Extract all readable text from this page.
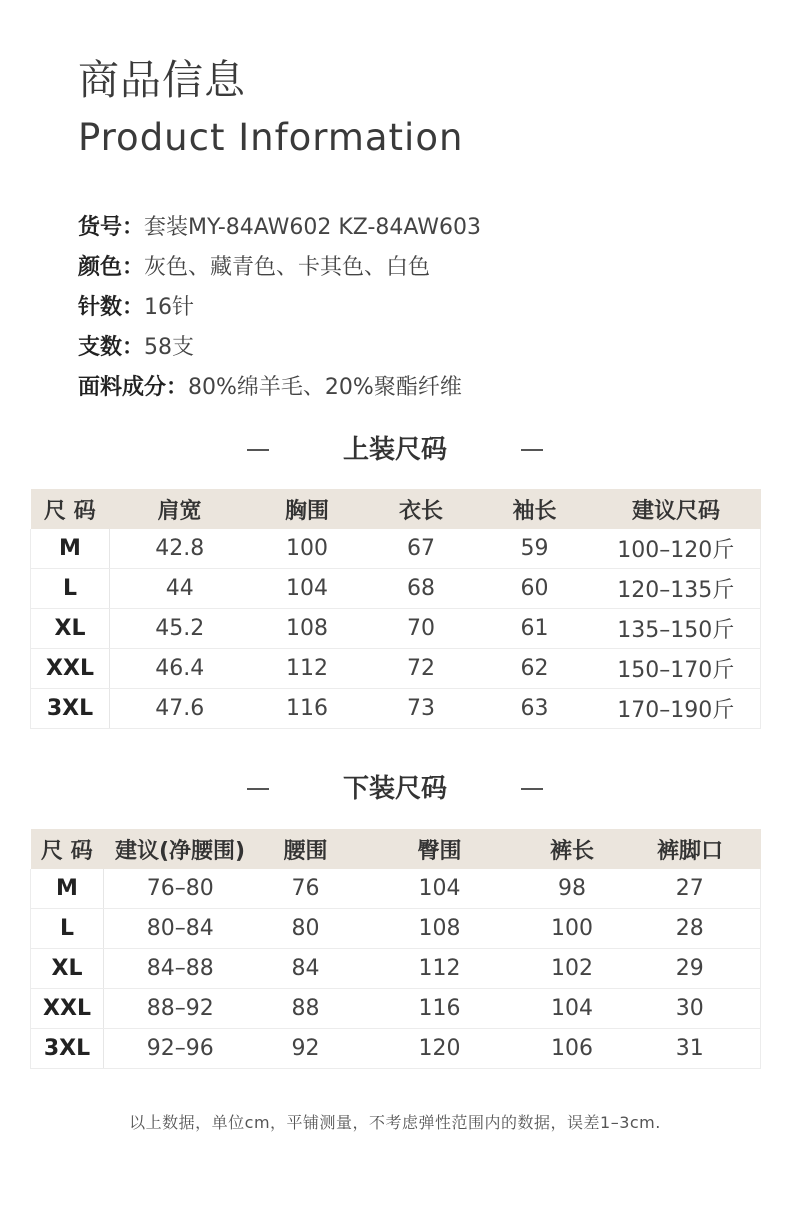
商品信息
Product Information
货号：套装MY-84AW602 KZ-84AW603
颜色：灰色、藏青色、卡其色、白色
针数：16针
支数：58支
面料成分：80%绵羊毛、20%聚酯纤维
上装尺码
尺 码	肩宽	胸围	衣长	袖长	建议尺码
M	42.8	100	67	59	100–120斤
L	44	104	68	60	120–135斤
XL	45.2	108	70	61	135–150斤
XXL	46.4	112	72	62	150–170斤
3XL	47.6	116	73	63	170–190斤
下装尺码
尺 码	建议(净腰围)	腰围	臀围	裤长	裤脚口
M	76–80	76	104	98	27
L	80–84	80	108	100	28
XL	84–88	84	112	102	29
XXL	88–92	88	116	104	30
3XL	92–96	92	120	106	31
以上数据，单位cm，平铺测量，不考虑弹性范围内的数据，误差1–3cm.
